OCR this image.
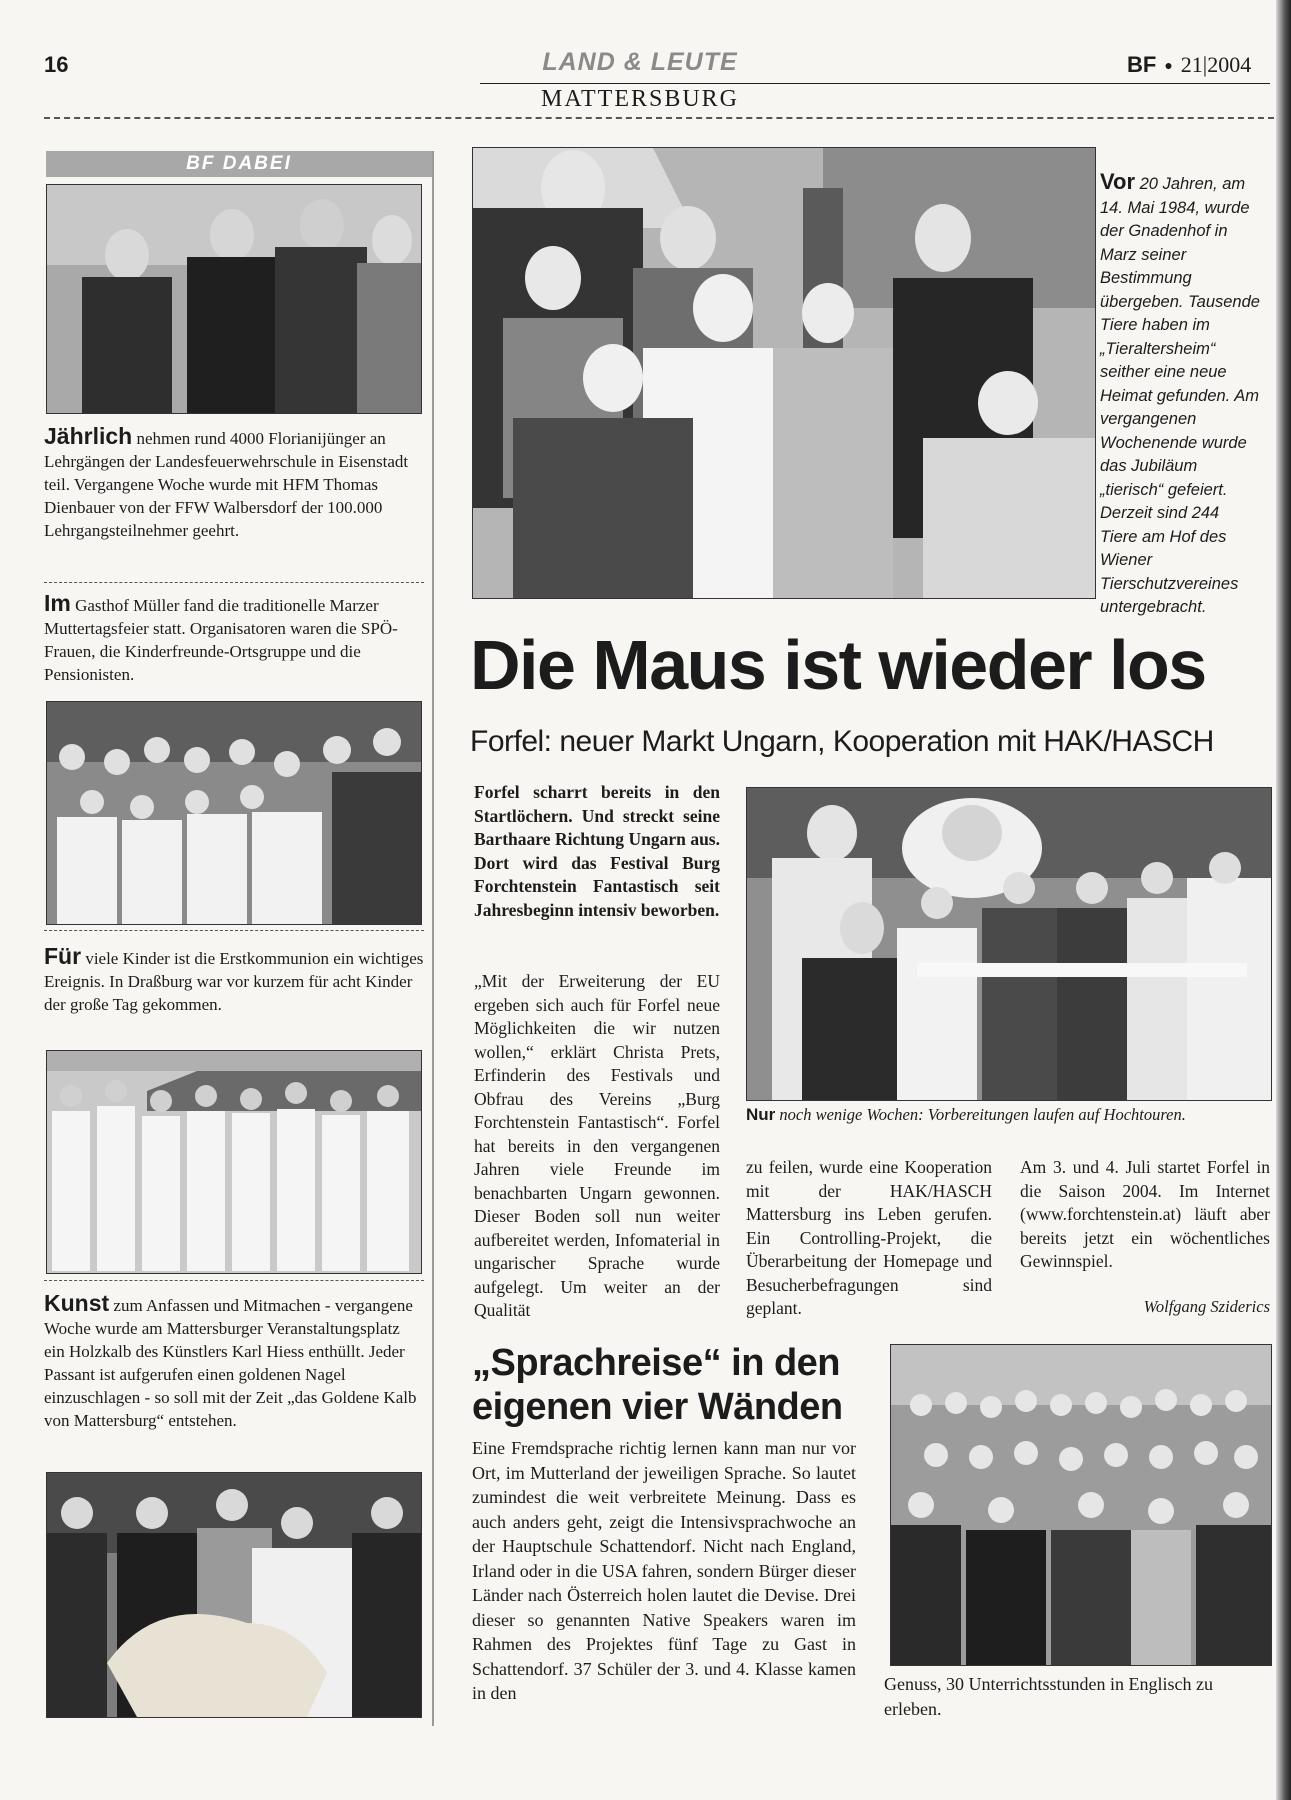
16	LAND & LEUTE
MATTERSBURG
BF ● 21|2004
BF DABEI
Jährlich nehmen rund 4000 Florianijünger an Lehrgängen der Landesfeuerwehrschule in Eisenstadt teil. Vergangene Woche wurde mit HFM Thomas Dienbauer von der FFW Walbersdorf der 100.000 Lehrgangsteilnehmer geehrt.
Im Gasthof Müller fand die traditionelle Marzer Muttertagsfeier statt. Organisatoren waren die SPÖ-Frauen, die Kinderfreunde-Ortsgruppe und die Pensionisten.
Für viele Kinder ist die Erstkommunion ein wichtiges Ereignis. In Draßburg war vor kurzem für acht Kinder der große Tag gekommen.
Kunst zum Anfassen und Mitmachen - vergangene Woche wurde am Mattersburger Veranstaltungsplatz ein Holzkalb des Künstlers Karl Hiess enthüllt. Jeder Passant ist aufgerufen einen goldenen Nagel einzuschlagen - so soll mit der Zeit „das Goldene Kalb von Mattersburg“ entstehen.
Vor 20 Jahren, am 14. Mai 1984, wurde der Gnadenhof in Marz seiner Bestimmung übergeben. Tausende Tiere haben im „Tieraltersheim“ seither eine neue Heimat gefunden. Am vergangenen Wochenende wurde das Jubiläum „tierisch“ gefeiert. Derzeit sind 244 Tiere am Hof des Wiener Tierschutzvereines untergebracht.
Die Maus ist wieder los
Forfel: neuer Markt Ungarn, Kooperation mit HAK/HASCH
Forfel scharrt bereits in den Startlöchern. Und streckt seine Barthaare Richtung Ungarn aus. Dort wird das Festival Burg Forchtenstein Fantastisch seit Jahresbeginn intensiv beworben.
Nur noch wenige Wochen: Vorbereitungen laufen auf Hochtouren.
„Mit der Erweiterung der EU ergeben sich auch für Forfel neue Möglichkeiten die wir nutzen wollen,“ erklärt Christa Prets, Erfinderin des Festivals und Obfrau des Vereins „Burg Forchtenstein Fantastisch“. Forfel hat bereits in den vergangenen Jahren viele Freunde im benachbarten Ungarn gewonnen. Dieser Boden soll nun weiter aufbereitet werden, Infomaterial in ungarischer Sprache wurde aufgelegt. Um weiter an der Qualität
zu feilen, wurde eine Kooperation mit der HAK/HASCH Mattersburg ins Leben gerufen. Ein Controlling-Projekt, die Überarbeitung der Homepage und Besucherbefragungen sind geplant.
Am 3. und 4. Juli startet Forfel in die Saison 2004. Im Internet (www.forchtenstein.at) läuft aber bereits jetzt ein wöchentliches Gewinnspiel.
Wolfgang Sziderics
„Sprachreise“ in den eigenen vier Wänden
Eine Fremdsprache richtig lernen kann man nur vor Ort, im Mutterland der jeweiligen Sprache. So lautet zumindest die weit verbreitete Meinung. Dass es auch anders geht, zeigt die Intensivsprachwoche an der Hauptschule Schattendorf. Nicht nach England, Irland oder in die USA fahren, sondern Bürger dieser Länder nach Österreich holen lautet die Devise. Drei dieser so genannten Native Speakers waren im Rahmen des Projektes fünf Tage zu Gast in Schattendorf. 37 Schüler der 3. und 4. Klasse kamen in den	Genuss, 30 Unterrichtsstunden in Englisch zu erleben.
